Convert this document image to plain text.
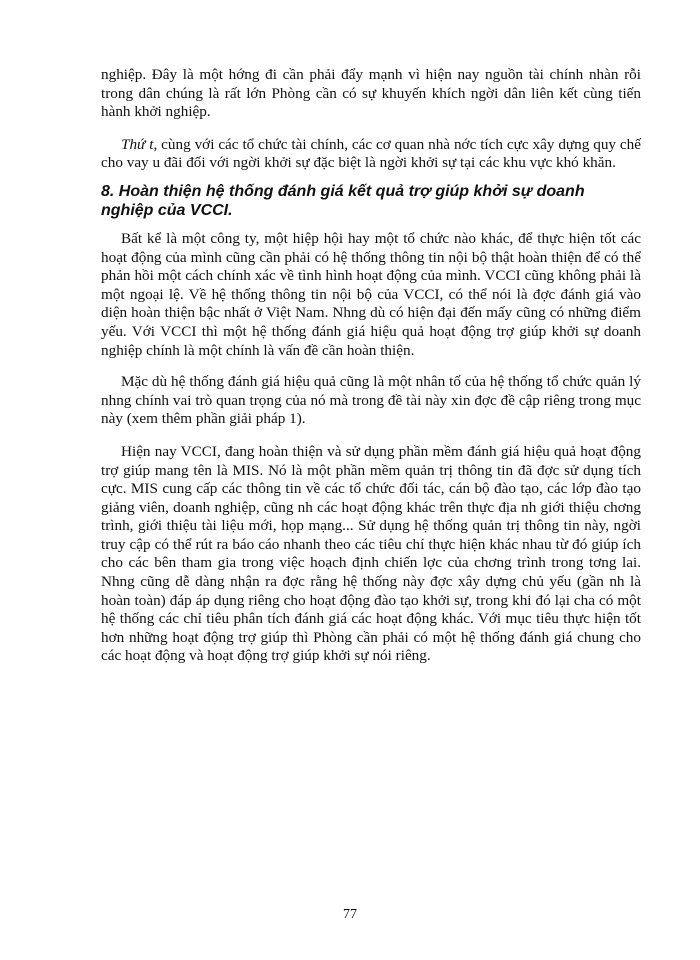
nghiệp. Đây là một hớng đi cần phải đẩy mạnh vì hiện nay nguồn tài chính nhàn rỗi trong dân chúng là rất lớn Phòng cần có sự khuyến khích ngời dân liên kết cùng tiến hành khởi nghiệp.

Thứ t, cùng với các tổ chức tài chính, các cơ quan nhà nớc tích cực xây dựng quy chế cho vay u đãi đối với ngời khởi sự đặc biệt là ngời khởi sự tại các khu vực khó khăn.

8. Hoàn thiện hệ thống đánh giá kết quả trợ giúp khởi sự doanh nghiệp của VCCI.

Bất kể là một công ty, một hiệp hội hay một tổ chức nào khác, để thực hiện tốt các hoạt động của mình cũng cần phải có hệ thống thông tin nội bộ thật hoàn thiện để có thể phản hồi một cách chính xác về tình hình hoạt động của mình. VCCI cũng không phải là một ngoại lệ. Về hệ thống thông tin nội bộ của VCCI, có thể nói là đợc đánh giá vào diện hoàn thiện bậc nhất ở Việt Nam. Nhng dù có hiện đại đến mấy cũng có những điểm yếu. Với VCCI thì một hệ thống đánh giá hiệu quả hoạt động trợ giúp khởi sự doanh nghiệp chính là một chính là vấn đề cần hoàn thiện.

Mặc dù hệ thống đánh giá hiệu quả cũng là một nhân tố của hệ thống tổ chức quản lý nhng chính vai trò quan trọng của nó mà trong đề tài này xin đợc đề cập riêng trong mục này (xem thêm phần giải pháp 1).

Hiện nay VCCI, đang hoàn thiện và sử dụng phần mềm đánh giá hiệu quả hoạt động trợ giúp mang tên là MIS. Nó là một phần mềm quản trị thông tin đã đợc sử dụng tích cực. MIS cung cấp các thông tin về các tổ chức đối tác, cán bộ đào tạo, các lớp đào tạo giảng viên, doanh nghiệp, cũng nh các hoạt động khác trên thực địa nh giới thiệu chơng trình, giới thiệu tài liệu mới, họp mạng... Sử dụng hệ thống quản trị thông tin này, ngời truy cập có thể rút ra báo cáo nhanh theo các tiêu chí thực hiện khác nhau từ đó giúp ích cho các bên tham gia trong việc hoạch định chiến lợc của chơng trình trong tơng lai. Nhng cũng dễ dàng nhận ra đợc rằng hệ thống này đợc xây dựng chủ yếu (gần nh là hoàn toàn) đáp áp dụng riêng cho hoạt động đào tạo khởi sự, trong khi đó lại cha có một hệ thống các chỉ tiêu phân tích đánh giá các hoạt động khác. Với mục tiêu thực hiện tốt hơn những hoạt động trợ giúp thì Phòng cần phải có một hệ thống đánh giá chung cho các hoạt động và hoạt động trợ giúp khởi sự nói riêng.

77
